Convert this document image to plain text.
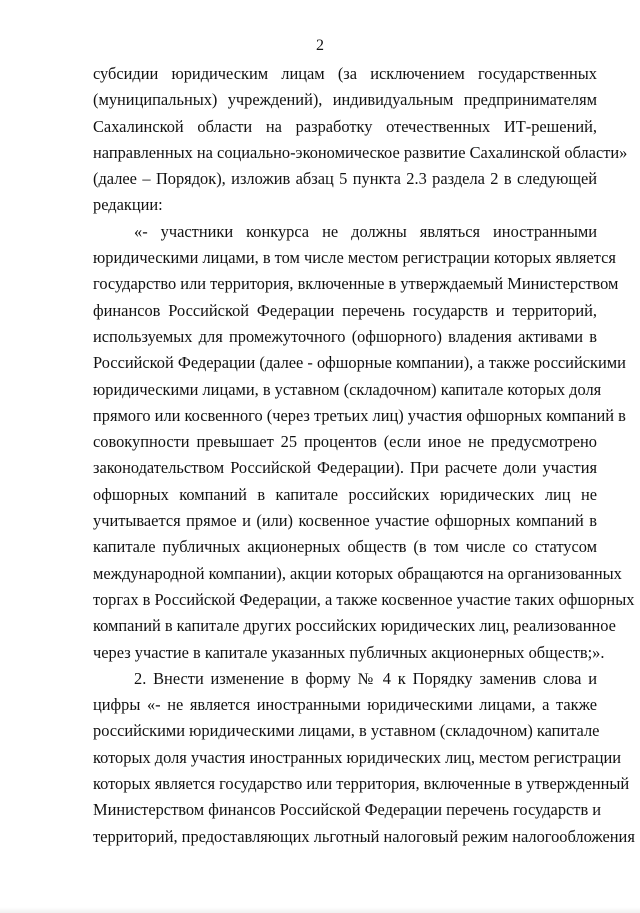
2
субсидии юридическим лицам (за исключением государственных
(муниципальных) учреждений), индивидуальным предпринимателям
Сахалинской области на разработку отечественных ИТ-решений,
направленных на социально-экономическое развитие Сахалинской области»
(далее – Порядок), изложив абзац 5 пункта 2.3 раздела 2 в следующей
редакции:
«- участники конкурса не должны являться иностранными
юридическими лицами, в том числе местом регистрации которых является
государство или территория, включенные в утверждаемый Министерством
финансов Российской Федерации перечень государств и территорий,
используемых для промежуточного (офшорного) владения активами в
Российской Федерации (далее - офшорные компании), а также российскими
юридическими лицами, в уставном (складочном) капитале которых доля
прямого или косвенного (через третьих лиц) участия офшорных компаний в
совокупности превышает 25 процентов (если иное не предусмотрено
законодательством Российской Федерации). При расчете доли участия
офшорных компаний в капитале российских юридических лиц не
учитывается прямое и (или) косвенное участие офшорных компаний в
капитале публичных акционерных обществ (в том числе со статусом
международной компании), акции которых обращаются на организованных
торгах в Российской Федерации, а также косвенное участие таких офшорных
компаний в капитале других российских юридических лиц, реализованное
через участие в капитале указанных публичных акционерных обществ;».
2. Внести изменение в форму № 4 к Порядку заменив слова и
цифры «- не является иностранными юридическими лицами, а также
российскими юридическими лицами, в уставном (складочном) капитале
которых доля участия иностранных юридических лиц, местом регистрации
которых является государство или территория, включенные в утвержденный
Министерством финансов Российской Федерации перечень государств и
территорий, предоставляющих льготный налоговый режим налогообложения
